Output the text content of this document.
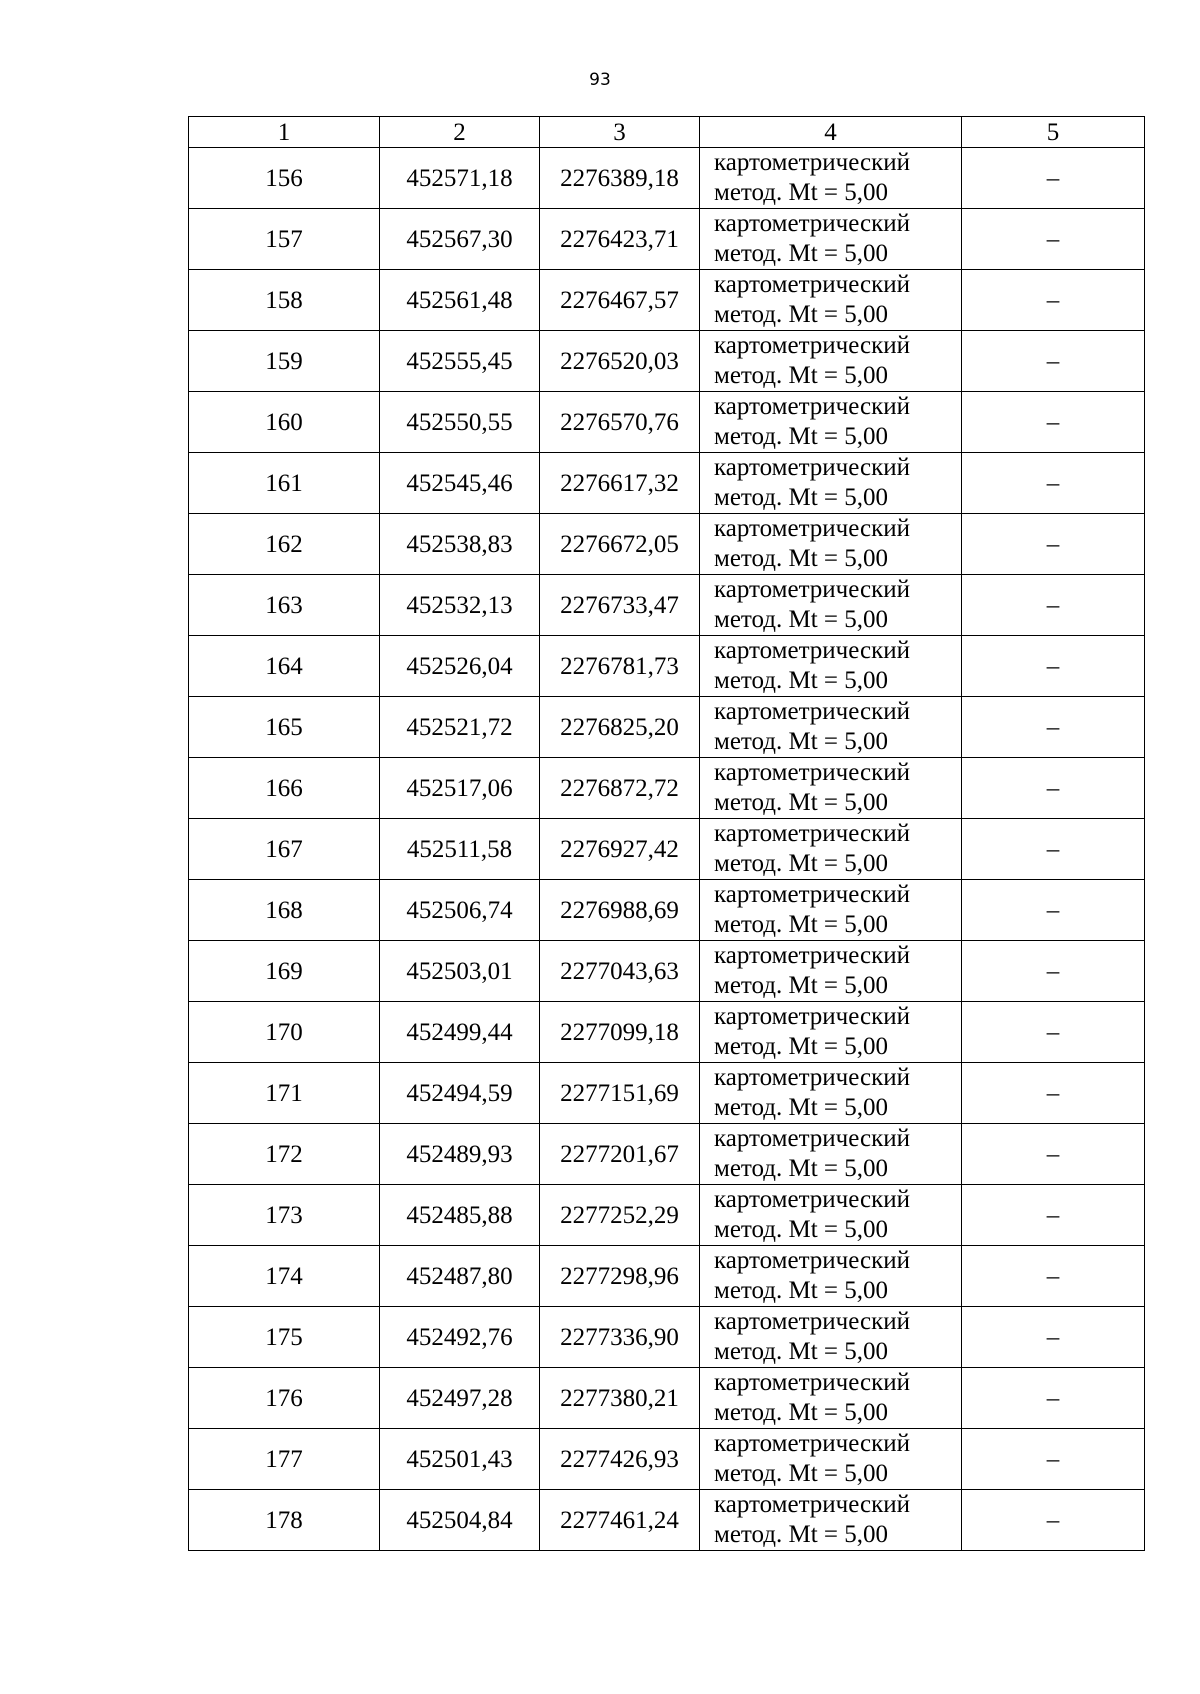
93
1	2	3	4	5
156	452571,18	2276389,18	картометрический
метод. Mt = 5,00	–
157	452567,30	2276423,71	картометрический
метод. Mt = 5,00	–
158	452561,48	2276467,57	картометрический
метод. Mt = 5,00	–
159	452555,45	2276520,03	картометрический
метод. Mt = 5,00	–
160	452550,55	2276570,76	картометрический
метод. Mt = 5,00	–
161	452545,46	2276617,32	картометрический
метод. Mt = 5,00	–
162	452538,83	2276672,05	картометрический
метод. Mt = 5,00	–
163	452532,13	2276733,47	картометрический
метод. Mt = 5,00	–
164	452526,04	2276781,73	картометрический
метод. Mt = 5,00	–
165	452521,72	2276825,20	картометрический
метод. Mt = 5,00	–
166	452517,06	2276872,72	картометрический
метод. Mt = 5,00	–
167	452511,58	2276927,42	картометрический
метод. Mt = 5,00	–
168	452506,74	2276988,69	картометрический
метод. Mt = 5,00	–
169	452503,01	2277043,63	картометрический
метод. Mt = 5,00	–
170	452499,44	2277099,18	картометрический
метод. Mt = 5,00	–
171	452494,59	2277151,69	картометрический
метод. Mt = 5,00	–
172	452489,93	2277201,67	картометрический
метод. Mt = 5,00	–
173	452485,88	2277252,29	картометрический
метод. Mt = 5,00	–
174	452487,80	2277298,96	картометрический
метод. Mt = 5,00	–
175	452492,76	2277336,90	картометрический
метод. Mt = 5,00	–
176	452497,28	2277380,21	картометрический
метод. Mt = 5,00	–
177	452501,43	2277426,93	картометрический
метод. Mt = 5,00	–
178	452504,84	2277461,24	картометрический
метод. Mt = 5,00	–
